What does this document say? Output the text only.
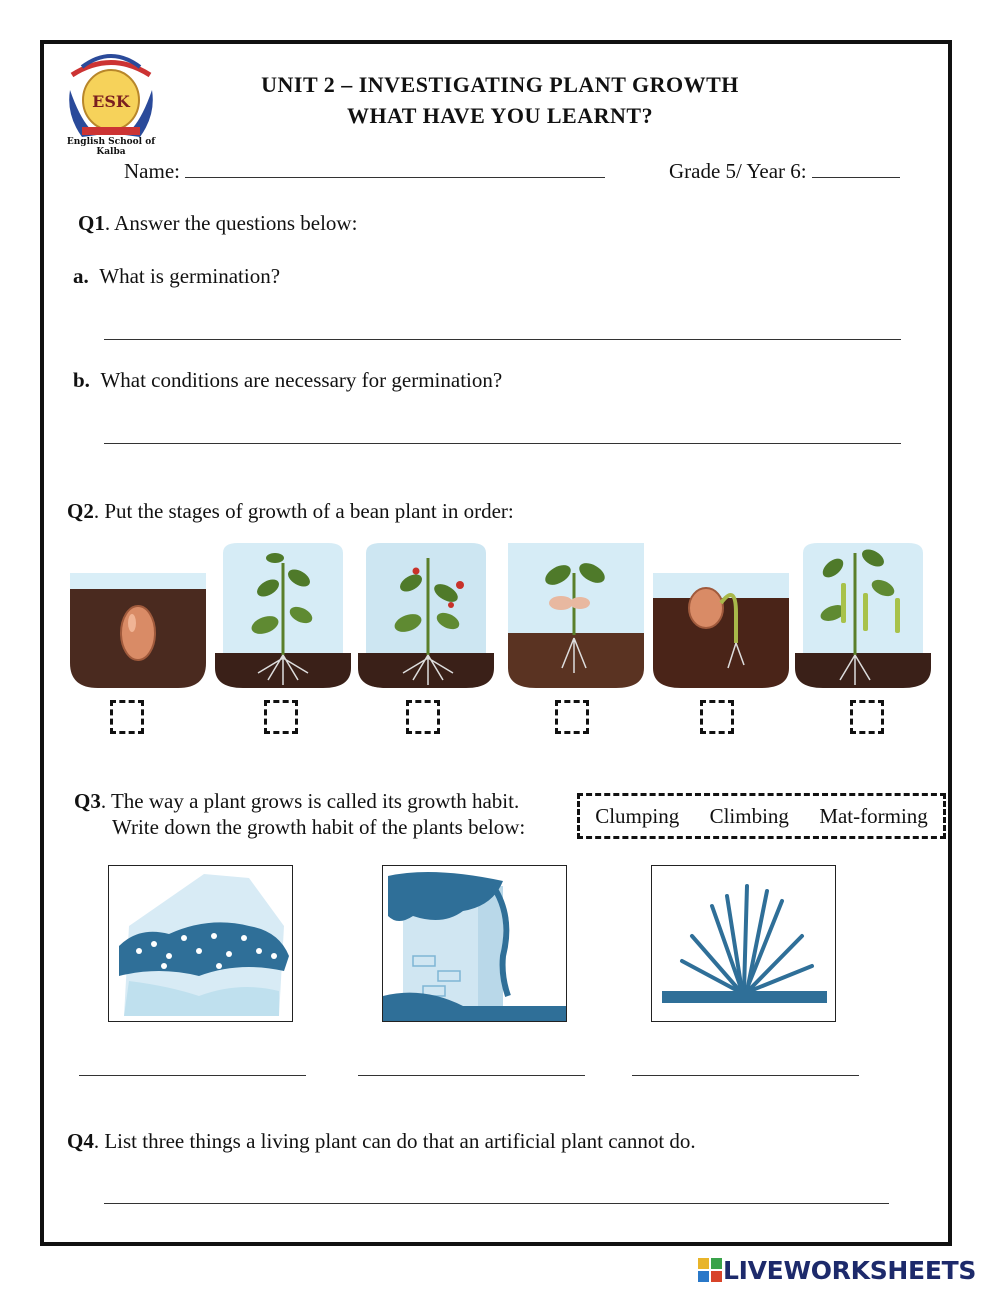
ESK
English School of Kalba
UNIT 2 – INVESTIGATING PLANT GROWTH
WHAT HAVE YOU LEARNT?
Name:	Grade 5/ Year 6:
Q1. Answer the questions below:
a. What is germination?
b. What conditions are necessary for germination?
Q2. Put the stages of growth of a bean plant in order:
Q3. The way a plant grows is called its growth habit.
Write down the growth habit of the plants below:	Clumping Climbing Mat-forming
Q4. List three things a living plant can do that an artificial plant cannot do.
LIVEWORKSHEETS
